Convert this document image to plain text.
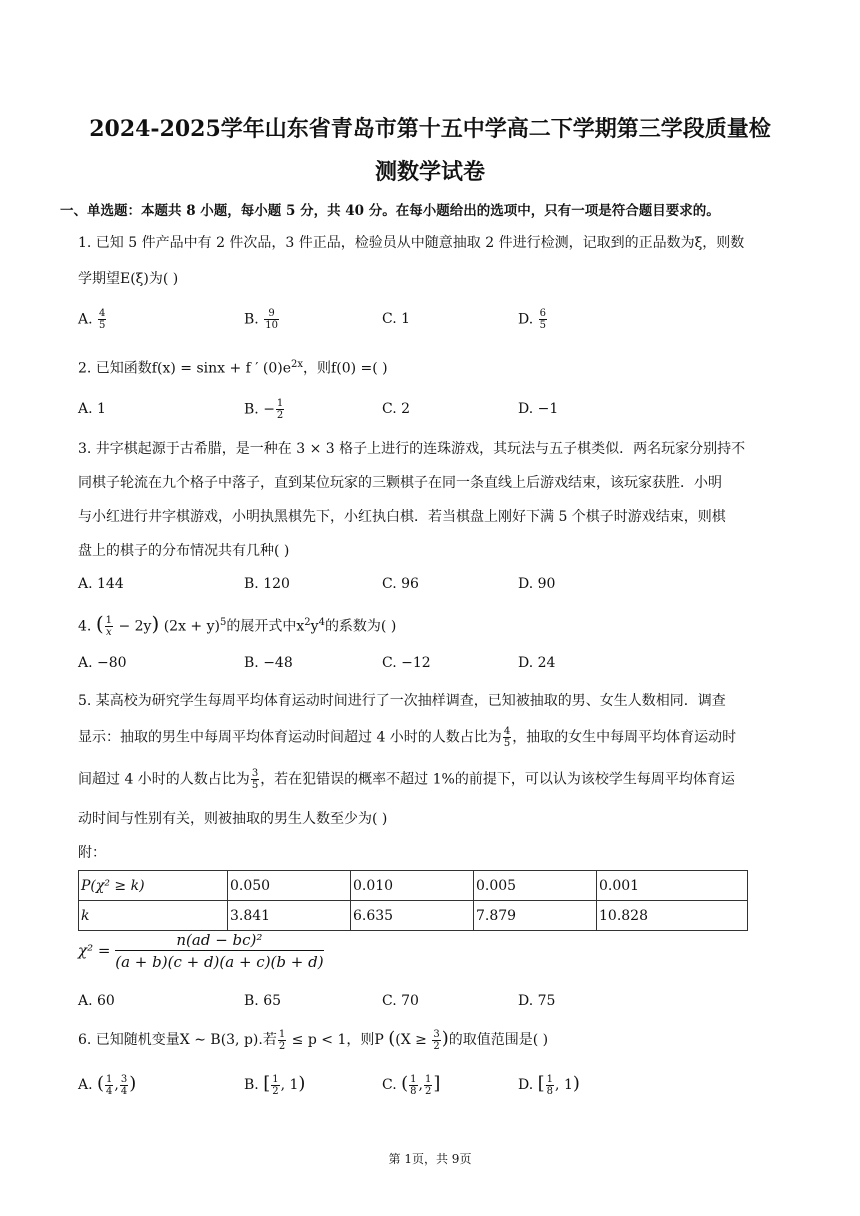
2024-2025学年山东省青岛市第十五中学高二下学期第三学段质量检
测数学试卷
一、单选题：本题共 8 小题，每小题 5 分，共 40 分。在每小题给出的选项中，只有一项是符合题目要求的。
1. 已知 5 件产品中有 2 件次品，3 件正品，检验员从中随意抽取 2 件进行检测，记取到的正品数为ξ，则数
学期望E(ξ)为( )
A. $\frac{4}{5}$	B. $\frac{9}{10}$	C. 1	D. $\frac{6}{5}$
2. 已知函数f(x) = sinx + f ′ $(0)e^{2x}$，则f(0) =( )
A. 1	B. − $\frac{1}{2}$	C. 2	D. −1
3. 井字棋起源于古希腊，是一种在 3 × 3 格子上进行的连珠游戏，其玩法与五子棋类似．两名玩家分别持不
同棋子轮流在九个格子中落子，直到某位玩家的三颗棋子在同一条直线上后游戏结束，该玩家获胜．小明
与小红进行井字棋游戏，小明执黑棋先下，小红执白棋．若当棋盘上刚好下满 5 个棋子时游戏结束，则棋
盘上的棋子的分布情况共有几种( )
A. 144	B. 120	C. 96	D. 90
4. ( $\frac{1}{x} - 2y$) $(2x + y)^5$的展开式中$x^2y^4$的系数为( )
A. −80	B. −48	C. −12	D. 24
5. 某高校为研究学生每周平均体育运动时间进行了一次抽样调查，已知被抽取的男、女生人数相同．调查
显示：抽取的男生中每周平均体育运动时间超过 4 小时的人数占比为 $\frac{4}{5}$ ，抽取的女生中每周平均体育运动时
间超过 4 小时的人数占比为 $\frac{3}{5}$ ，若在犯错误的概率不超过 1%的前提下，可以认为该校学生每周平均体育运
动时间与性别有关，则被抽取的男生人数至少为( )
附：
P(χ² ≥ k)	0.050	0.010	0.005	0.001
k	3.841	6.635	7.879	10.828
$\chi^2 = \frac{\text{n(ad − bc)²}}{(a + b)(c + d)(a + c)(b + d)}$
A. 60	B. 65	C. 70	D. 75
6. 已知随机变量X ∼ B(3, p).若 $\frac{1}{2} \le p < 1$，则P (($X \ge \frac{3}{2}$ )的取值范围是( )
A. ( $\frac{1}{4}$ , $\frac{3}{4}$ )	B. [ $\frac{1}{2}$ , 1)	C. ( $\frac{1}{8}$ , $\frac{1}{2}$ ]	D. [ $\frac{1}{8}$ , 1)
第 1页，共 9页
